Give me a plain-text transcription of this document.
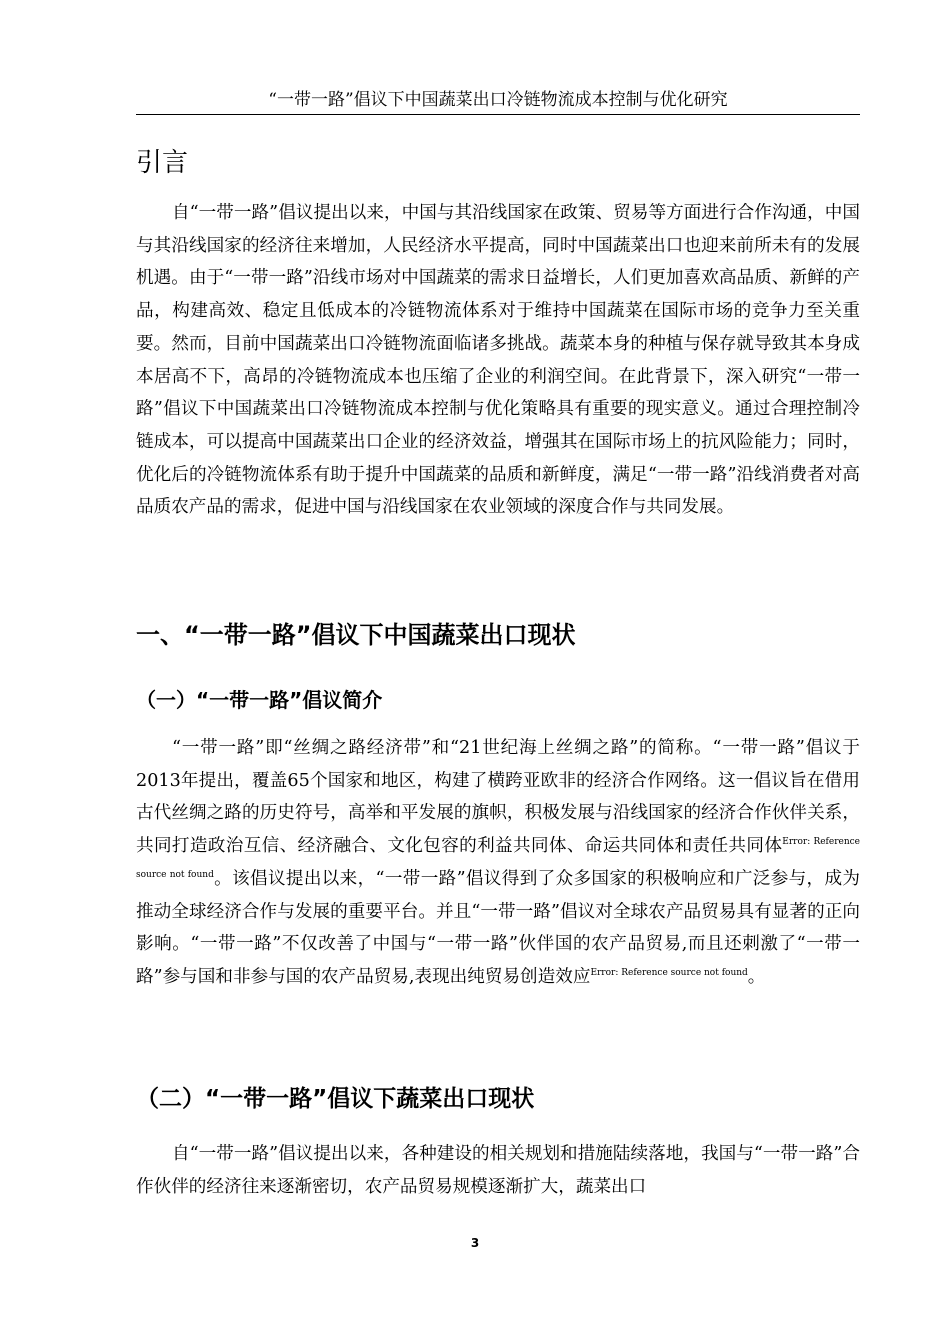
“一带一路”倡议下中国蔬菜出口冷链物流成本控制与优化研究
引言

自“一带一路”倡议提出以来，中国与其沿线国家在政策、贸易等方面进行合作沟通，中国与其沿线国家的经济往来增加，人民经济水平提高，同时中国蔬菜出口也迎来前所未有的发展机遇。由于“一带一路”沿线市场对中国蔬菜的需求日益增长，人们更加喜欢高品质、新鲜的产品，构建高效、稳定且低成本的冷链物流体系对于维持中国蔬菜在国际市场的竞争力至关重要。然而，目前中国蔬菜出口冷链物流面临诸多挑战。蔬菜本身的种植与保存就导致其本身成本居高不下，高昂的冷链物流成本也压缩了企业的利润空间。在此背景下，深入研究“一带一路”倡议下中国蔬菜出口冷链物流成本控制与优化策略具有重要的现实意义。通过合理控制冷链成本，可以提高中国蔬菜出口企业的经济效益，增强其在国际市场上的抗风险能力；同时，优化后的冷链物流体系有助于提升中国蔬菜的品质和新鲜度，满足“一带一路”沿线消费者对高品质农产品的需求，促进中国与沿线国家在农业领域的深度合作与共同发展。

一、“一带一路”倡议下中国蔬菜出口现状
（一）“一带一路”倡议简介

“一带一路”即“丝绸之路经济带”和“21世纪海上丝绸之路”的简称。“一带一路”倡议于2013年提出，覆盖65个国家和地区，构建了横跨亚欧非的经济合作网络。这一倡议旨在借用古代丝绸之路的历史符号，高举和平发展的旗帜，积极发展与沿线国家的经济合作伙伴关系，共同打造政治互信、经济融合、文化包容的利益共同体、命运共同体和责任共同体$^{Error: Reference source not found}$。该倡议提出以来，“一带一路”倡议得到了众多国家的积极响应和广泛参与，成为推动全球经济合作与发展的重要平台。并且“一带一路”倡议对全球农产品贸易具有显著的正向影响。“一带一路”不仅改善了中国与“一带一路”伙伴国的农产品贸易,而且还刺激了“一带一路”参与国和非参与国的农产品贸易,表现出纯贸易创造效应$^{Error: Reference source not found}$。

（二）“一带一路”倡议下蔬菜出口现状

自“一带一路”倡议提出以来，各种建设的相关规划和措施陆续落地，我国与“一带一路”合作伙伴的经济往来逐渐密切，农产品贸易规模逐渐扩大，蔬菜出口

3
